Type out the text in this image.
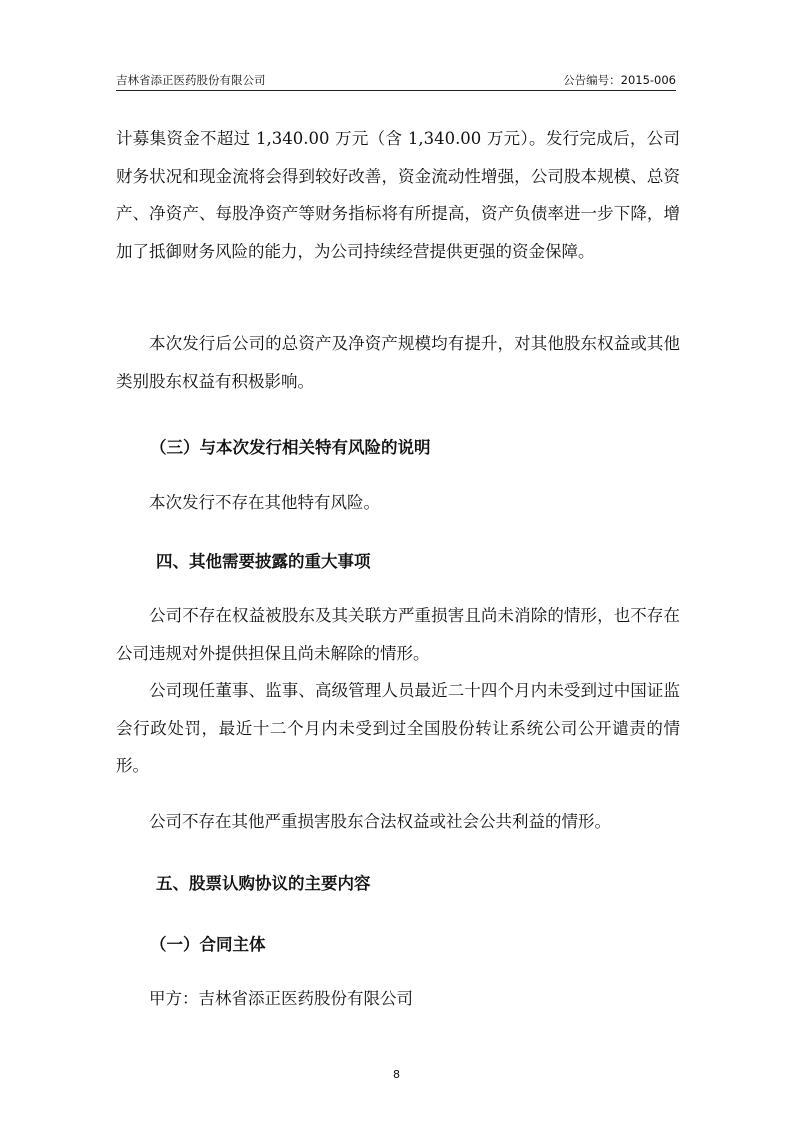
吉林省添正医药股份有限公司	公告编号：2015-006

计募集资金不超过 1,340.00 万元（含 1,340.00 万元）。发行完成后，公司财务状况和现金流将会得到较好改善，资金流动性增强，公司股本规模、总资产、净资产、每股净资产等财务指标将有所提高，资产负债率进一步下降，增加了抵御财务风险的能力，为公司持续经营提供更强的资金保障。

本次发行后公司的总资产及净资产规模均有提升，对其他股东权益或其他类别股东权益有积极影响。

（三）与本次发行相关特有风险的说明

本次发行不存在其他特有风险。

四、其他需要披露的重大事项

公司不存在权益被股东及其关联方严重损害且尚未消除的情形，也不存在公司违规对外提供担保且尚未解除的情形。

公司现任董事、监事、高级管理人员最近二十四个月内未受到过中国证监会行政处罚，最近十二个月内未受到过全国股份转让系统公司公开谴责的情形。

公司不存在其他严重损害股东合法权益或社会公共利益的情形。

五、股票认购协议的主要内容
（一）合同主体

甲方：吉林省添正医药股份有限公司

8
